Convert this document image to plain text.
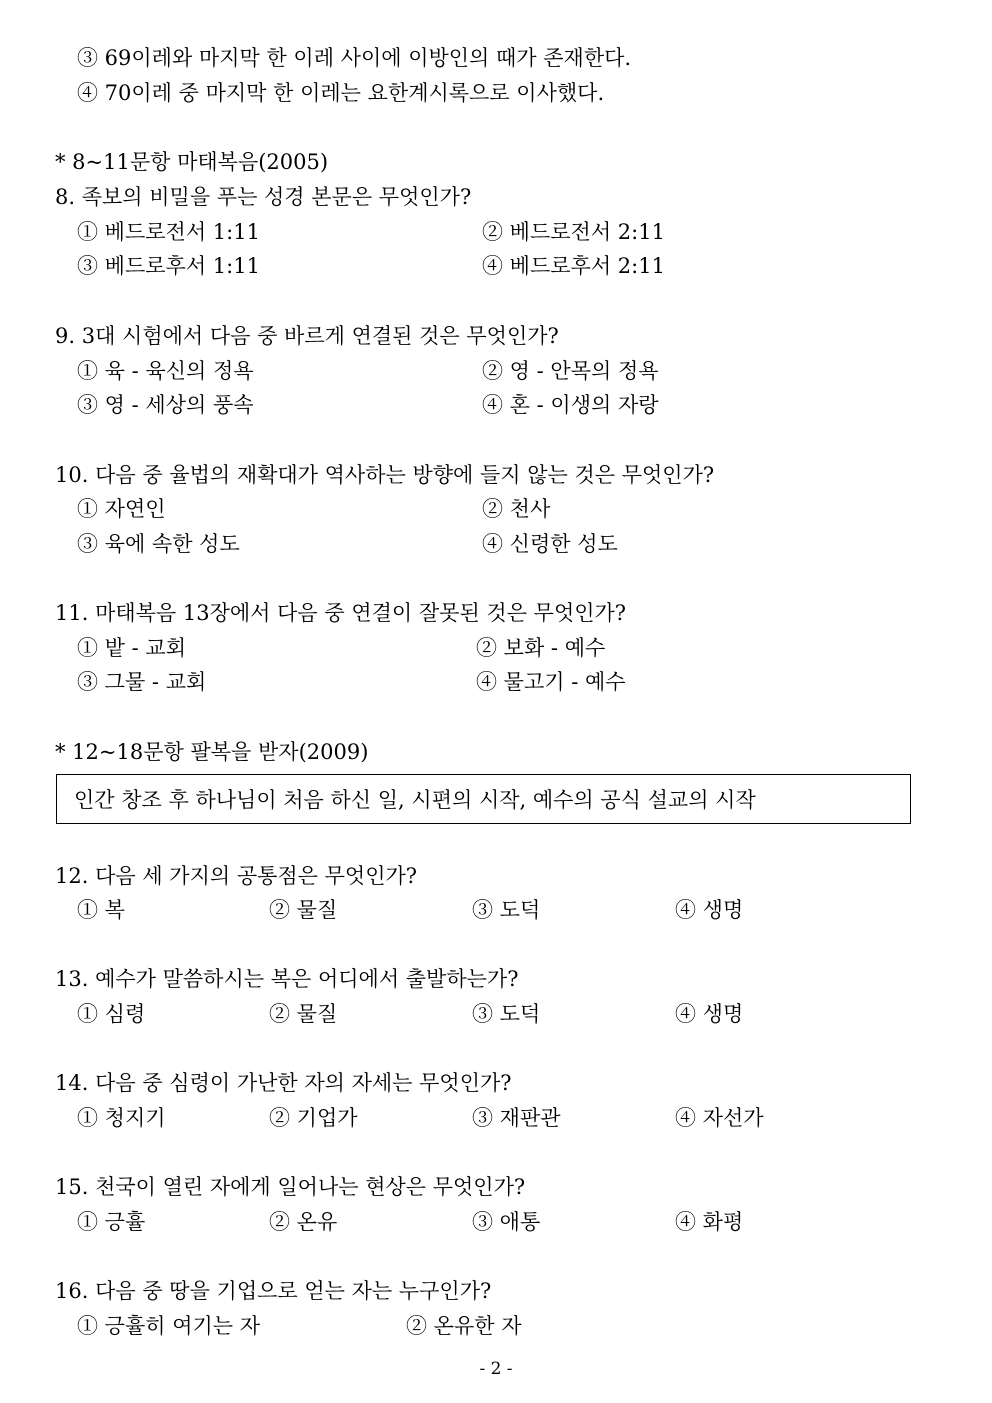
③ 69이레와 마지막 한 이레 사이에 이방인의 때가 존재한다.
④ 70이레 중 마지막 한 이레는 요한계시록으로 이사했다.
* 8~11문항 마태복음(2005)
8. 족보의 비밀을 푸는 성경 본문은 무엇인가?
① 베드로전서 1:11	② 베드로전서 2:11
③ 베드로후서 1:11	④ 베드로후서 2:11
9. 3대 시험에서 다음 중 바르게 연결된 것은 무엇인가?
① 육 - 육신의 정욕	② 영 - 안목의 정욕
③ 영 - 세상의 풍속	④ 혼 - 이생의 자랑
10. 다음 중 율법의 재확대가 역사하는 방향에 들지 않는 것은 무엇인가?
① 자연인	② 천사
③ 육에 속한 성도	④ 신령한 성도
11. 마태복음 13장에서 다음 중 연결이 잘못된 것은 무엇인가?
① 밭 - 교회	② 보화 - 예수
③ 그물 - 교회	④ 물고기 - 예수
* 12~18문항 팔복을 받자(2009)
인간 창조 후 하나님이 처음 하신 일, 시편의 시작, 예수의 공식 설교의 시작
12. 다음 세 가지의 공통점은 무엇인가?
① 복	② 물질	③ 도덕	④ 생명
13. 예수가 말씀하시는 복은 어디에서 출발하는가?
① 심령	② 물질	③ 도덕	④ 생명
14. 다음 중 심령이 가난한 자의 자세는 무엇인가?
① 청지기	② 기업가	③ 재판관	④ 자선가
15. 천국이 열린 자에게 일어나는 현상은 무엇인가?
① 긍휼	② 온유	③ 애통	④ 화평
16. 다음 중 땅을 기업으로 얻는 자는 누구인가?
① 긍휼히 여기는 자	② 온유한 자
- 2 -
